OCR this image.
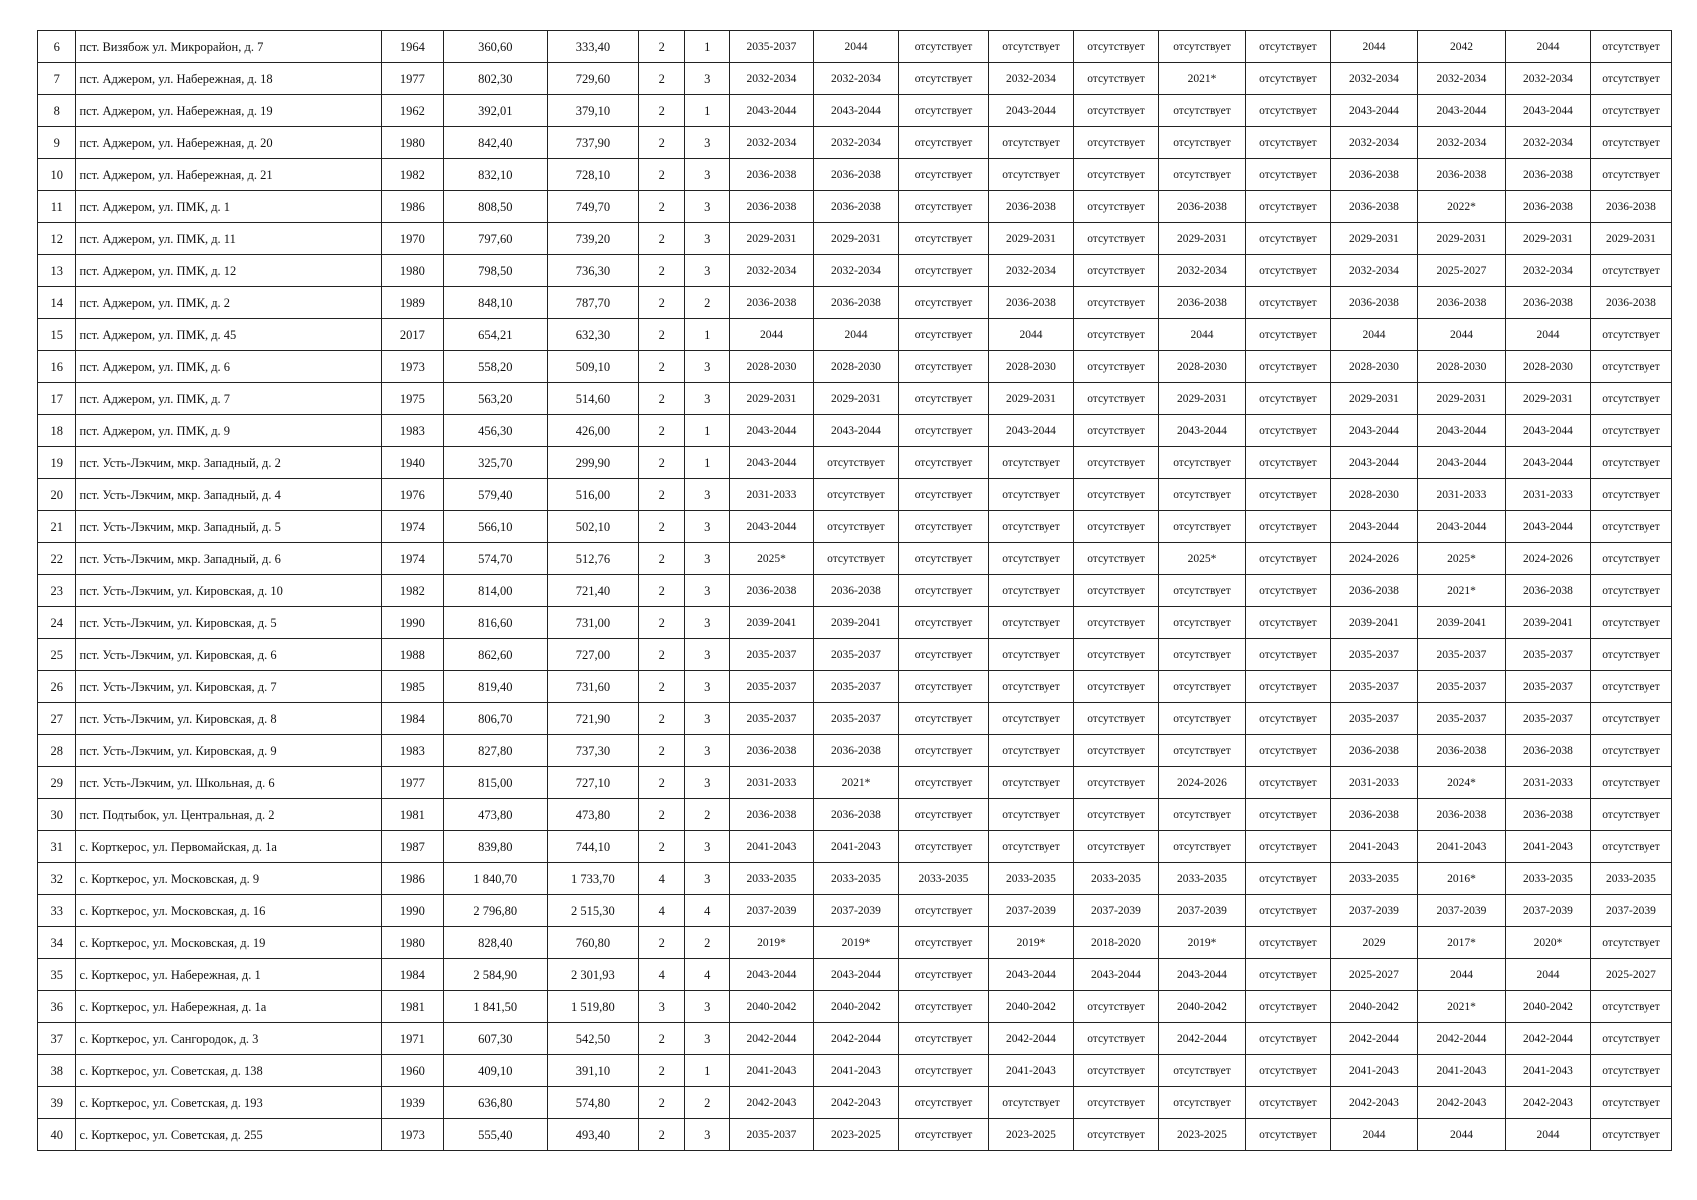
6	пст. Визябож ул. Микрорайон, д. 7	1964	360,60	333,40	2	1	2035-2037	2044	отсутствует	отсутствует	отсутствует	отсутствует	отсутствует	2044	2042	2044	отсутствует
7	пст. Аджером, ул. Набережная, д. 18	1977	802,30	729,60	2	3	2032-2034	2032-2034	отсутствует	2032-2034	отсутствует	2021*	отсутствует	2032-2034	2032-2034	2032-2034	отсутствует
8	пст. Аджером, ул. Набережная, д. 19	1962	392,01	379,10	2	1	2043-2044	2043-2044	отсутствует	2043-2044	отсутствует	отсутствует	отсутствует	2043-2044	2043-2044	2043-2044	отсутствует
9	пст. Аджером, ул. Набережная, д. 20	1980	842,40	737,90	2	3	2032-2034	2032-2034	отсутствует	отсутствует	отсутствует	отсутствует	отсутствует	2032-2034	2032-2034	2032-2034	отсутствует
10	пст. Аджером, ул. Набережная, д. 21	1982	832,10	728,10	2	3	2036-2038	2036-2038	отсутствует	отсутствует	отсутствует	отсутствует	отсутствует	2036-2038	2036-2038	2036-2038	отсутствует
11	пст. Аджером, ул. ПМК, д. 1	1986	808,50	749,70	2	3	2036-2038	2036-2038	отсутствует	2036-2038	отсутствует	2036-2038	отсутствует	2036-2038	2022*	2036-2038	2036-2038
12	пст. Аджером, ул. ПМК, д. 11	1970	797,60	739,20	2	3	2029-2031	2029-2031	отсутствует	2029-2031	отсутствует	2029-2031	отсутствует	2029-2031	2029-2031	2029-2031	2029-2031
13	пст. Аджером, ул. ПМК, д. 12	1980	798,50	736,30	2	3	2032-2034	2032-2034	отсутствует	2032-2034	отсутствует	2032-2034	отсутствует	2032-2034	2025-2027	2032-2034	отсутствует
14	пст. Аджером, ул. ПМК, д. 2	1989	848,10	787,70	2	2	2036-2038	2036-2038	отсутствует	2036-2038	отсутствует	2036-2038	отсутствует	2036-2038	2036-2038	2036-2038	2036-2038
15	пст. Аджером, ул. ПМК, д. 45	2017	654,21	632,30	2	1	2044	2044	отсутствует	2044	отсутствует	2044	отсутствует	2044	2044	2044	отсутствует
16	пст. Аджером, ул. ПМК, д. 6	1973	558,20	509,10	2	3	2028-2030	2028-2030	отсутствует	2028-2030	отсутствует	2028-2030	отсутствует	2028-2030	2028-2030	2028-2030	отсутствует
17	пст. Аджером, ул. ПМК, д. 7	1975	563,20	514,60	2	3	2029-2031	2029-2031	отсутствует	2029-2031	отсутствует	2029-2031	отсутствует	2029-2031	2029-2031	2029-2031	отсутствует
18	пст. Аджером, ул. ПМК, д. 9	1983	456,30	426,00	2	1	2043-2044	2043-2044	отсутствует	2043-2044	отсутствует	2043-2044	отсутствует	2043-2044	2043-2044	2043-2044	отсутствует
19	пст. Усть-Лэкчим, мкр. Западный, д. 2	1940	325,70	299,90	2	1	2043-2044	отсутствует	отсутствует	отсутствует	отсутствует	отсутствует	отсутствует	2043-2044	2043-2044	2043-2044	отсутствует
20	пст. Усть-Лэкчим, мкр. Западный, д. 4	1976	579,40	516,00	2	3	2031-2033	отсутствует	отсутствует	отсутствует	отсутствует	отсутствует	отсутствует	2028-2030	2031-2033	2031-2033	отсутствует
21	пст. Усть-Лэкчим, мкр. Западный, д. 5	1974	566,10	502,10	2	3	2043-2044	отсутствует	отсутствует	отсутствует	отсутствует	отсутствует	отсутствует	2043-2044	2043-2044	2043-2044	отсутствует
22	пст. Усть-Лэкчим, мкр. Западный, д. 6	1974	574,70	512,76	2	3	2025*	отсутствует	отсутствует	отсутствует	отсутствует	2025*	отсутствует	2024-2026	2025*	2024-2026	отсутствует
23	пст. Усть-Лэкчим, ул. Кировская, д. 10	1982	814,00	721,40	2	3	2036-2038	2036-2038	отсутствует	отсутствует	отсутствует	отсутствует	отсутствует	2036-2038	2021*	2036-2038	отсутствует
24	пст. Усть-Лэкчим, ул. Кировская, д. 5	1990	816,60	731,00	2	3	2039-2041	2039-2041	отсутствует	отсутствует	отсутствует	отсутствует	отсутствует	2039-2041	2039-2041	2039-2041	отсутствует
25	пст. Усть-Лэкчим, ул. Кировская, д. 6	1988	862,60	727,00	2	3	2035-2037	2035-2037	отсутствует	отсутствует	отсутствует	отсутствует	отсутствует	2035-2037	2035-2037	2035-2037	отсутствует
26	пст. Усть-Лэкчим, ул. Кировская, д. 7	1985	819,40	731,60	2	3	2035-2037	2035-2037	отсутствует	отсутствует	отсутствует	отсутствует	отсутствует	2035-2037	2035-2037	2035-2037	отсутствует
27	пст. Усть-Лэкчим, ул. Кировская, д. 8	1984	806,70	721,90	2	3	2035-2037	2035-2037	отсутствует	отсутствует	отсутствует	отсутствует	отсутствует	2035-2037	2035-2037	2035-2037	отсутствует
28	пст. Усть-Лэкчим, ул. Кировская, д. 9	1983	827,80	737,30	2	3	2036-2038	2036-2038	отсутствует	отсутствует	отсутствует	отсутствует	отсутствует	2036-2038	2036-2038	2036-2038	отсутствует
29	пст. Усть-Лэкчим, ул. Школьная, д. 6	1977	815,00	727,10	2	3	2031-2033	2021*	отсутствует	отсутствует	отсутствует	2024-2026	отсутствует	2031-2033	2024*	2031-2033	отсутствует
30	пст. Подтыбок, ул. Центральная, д. 2	1981	473,80	473,80	2	2	2036-2038	2036-2038	отсутствует	отсутствует	отсутствует	отсутствует	отсутствует	2036-2038	2036-2038	2036-2038	отсутствует
31	с. Корткерос, ул. Первомайская, д. 1а	1987	839,80	744,10	2	3	2041-2043	2041-2043	отсутствует	отсутствует	отсутствует	отсутствует	отсутствует	2041-2043	2041-2043	2041-2043	отсутствует
32	с. Корткерос, ул. Московская, д. 9	1986	1 840,70	1 733,70	4	3	2033-2035	2033-2035	2033-2035	2033-2035	2033-2035	2033-2035	отсутствует	2033-2035	2016*	2033-2035	2033-2035
33	с. Корткерос, ул. Московская, д. 16	1990	2 796,80	2 515,30	4	4	2037-2039	2037-2039	отсутствует	2037-2039	2037-2039	2037-2039	отсутствует	2037-2039	2037-2039	2037-2039	2037-2039
34	с. Корткерос, ул. Московская, д. 19	1980	828,40	760,80	2	2	2019*	2019*	отсутствует	2019*	2018-2020	2019*	отсутствует	2029	2017*	2020*	отсутствует
35	с. Корткерос, ул. Набережная, д. 1	1984	2 584,90	2 301,93	4	4	2043-2044	2043-2044	отсутствует	2043-2044	2043-2044	2043-2044	отсутствует	2025-2027	2044	2044	2025-2027
36	с. Корткерос, ул. Набережная, д. 1а	1981	1 841,50	1 519,80	3	3	2040-2042	2040-2042	отсутствует	2040-2042	отсутствует	2040-2042	отсутствует	2040-2042	2021*	2040-2042	отсутствует
37	с. Корткерос, ул. Сангородок, д. 3	1971	607,30	542,50	2	3	2042-2044	2042-2044	отсутствует	2042-2044	отсутствует	2042-2044	отсутствует	2042-2044	2042-2044	2042-2044	отсутствует
38	с. Корткерос, ул. Советская, д. 138	1960	409,10	391,10	2	1	2041-2043	2041-2043	отсутствует	2041-2043	отсутствует	отсутствует	отсутствует	2041-2043	2041-2043	2041-2043	отсутствует
39	с. Корткерос, ул. Советская, д. 193	1939	636,80	574,80	2	2	2042-2043	2042-2043	отсутствует	отсутствует	отсутствует	отсутствует	отсутствует	2042-2043	2042-2043	2042-2043	отсутствует
40	с. Корткерос, ул. Советская, д. 255	1973	555,40	493,40	2	3	2035-2037	2023-2025	отсутствует	2023-2025	отсутствует	2023-2025	отсутствует	2044	2044	2044	отсутствует
